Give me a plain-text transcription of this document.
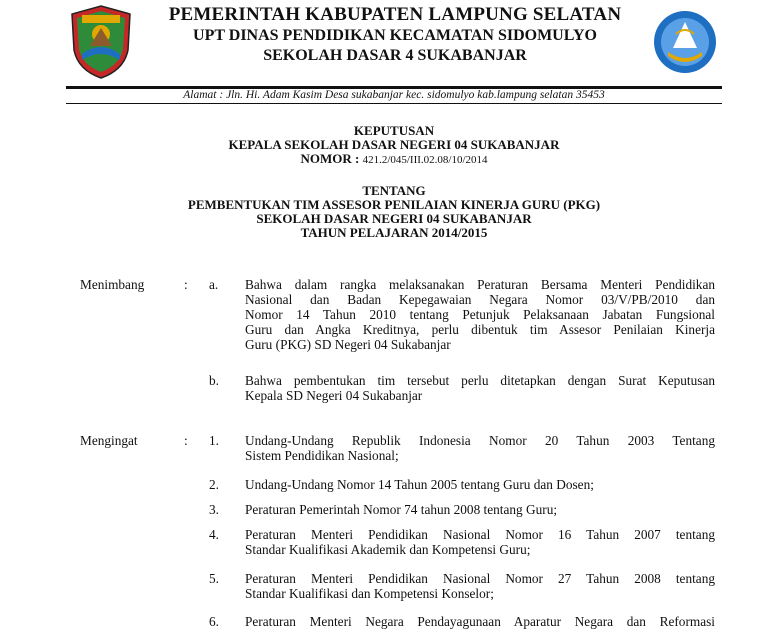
PEMERINTAH KABUPATEN LAMPUNG SELATAN
UPT DINAS PENDIDIKAN KECAMATAN SIDOMULYO
SEKOLAH DASAR 4 SUKABANJAR
Alamat : Jln. Hi. Adam Kasim Desa sukabanjar kec. sidomulyo kab.lampung selatan 35453
KEPUTUSAN
KEPALA SEKOLAH DASAR NEGERI 04 SUKABANJAR
NOMOR : 421.2/045/III.02.08/10/2014
TENTANG
PEMBENTUKAN TIM ASSESOR PENILAIAN KINERJA GURU (PKG)
SEKOLAH DASAR NEGERI 04 SUKABANJAR
TAHUN PELAJARAN 2014/2015
Menimbang	: a. Bahwa dalam rangka melaksanakan Peraturan Bersama Menteri Pendidikan
Nasional dan Badan Kepegawaian Negara Nomor 03/V/PB/2010 dan
Nomor 14 Tahun 2010 tentang Petunjuk Pelaksanaan Jabatan Fungsional
Guru dan Angka Kreditnya, perlu dibentuk tim Assesor Penilaian Kinerja
Guru (PKG) SD Negeri 04 Sukabanjar
b. Bahwa pembentukan tim tersebut perlu ditetapkan dengan Surat Keputusan
Kepala SD Negeri 04 Sukabanjar
Mengingat	: 1. Undang-Undang Republik Indonesia Nomor 20 Tahun 2003 Tentang
Sistem Pendidikan Nasional;
2. Undang-Undang Nomor 14 Tahun 2005 tentang Guru dan Dosen;
3. Peraturan Pemerintah Nomor 74 tahun 2008 tentang Guru;
4. Peraturan Menteri Pendidikan Nasional Nomor 16 Tahun 2007 tentang
Standar Kualifikasi Akademik dan Kompetensi Guru;
5. Peraturan Menteri Pendidikan Nasional Nomor 27 Tahun 2008 tentang
Standar Kualifikasi dan Kompetensi Konselor;
6. Peraturan Menteri Negara Pendayagunaan Aparatur Negara dan Reformasi
